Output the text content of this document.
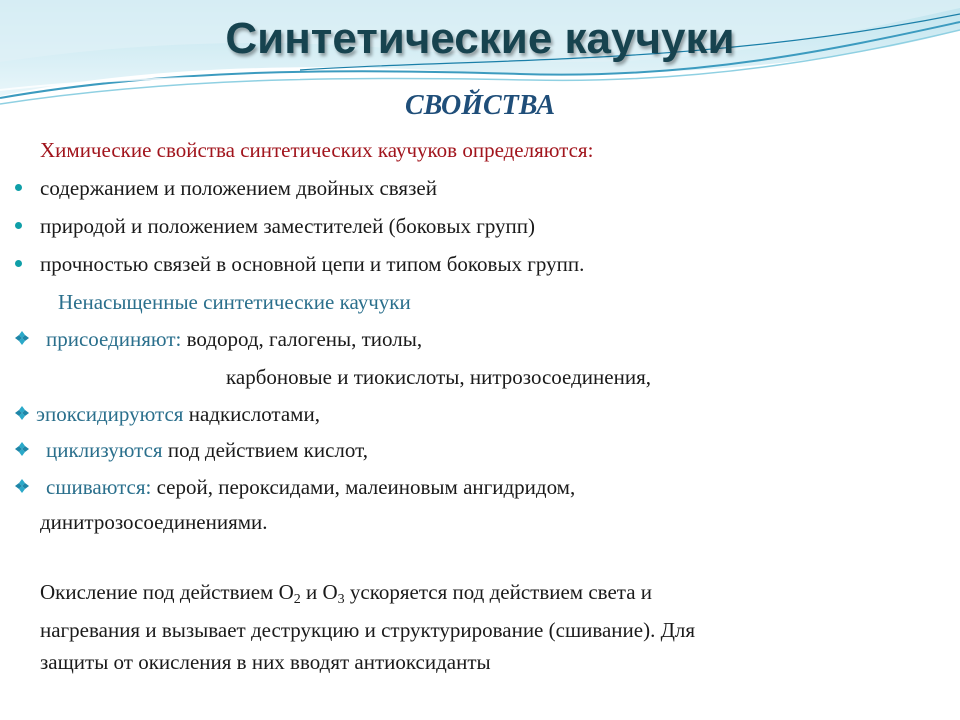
Синтетические каучуки
СВОЙСТВА
Химические свойства синтетических каучуков определяются:
содержанием и положением двойных связей
природой и положением заместителей (боковых групп)
прочностью связей в основной цепи и типом боковых групп.
Ненасыщенные синтетические каучуки
присоединяют: водород, галогены, тиолы,
карбоновые и тиокислоты, нитрозосоединения,
эпоксидируются надкислотами,
циклизуются под действием кислот,
сшиваются: серой, пероксидами, малеиновым ангидридом,
динитрозосоединениями.
Окисление под действием $О_2$ и $О_3$ ускоряется под действием света и
нагревания и вызывает деструкцию и структурирование (сшивание). Для
защиты от окисления в них вводят антиоксиданты
